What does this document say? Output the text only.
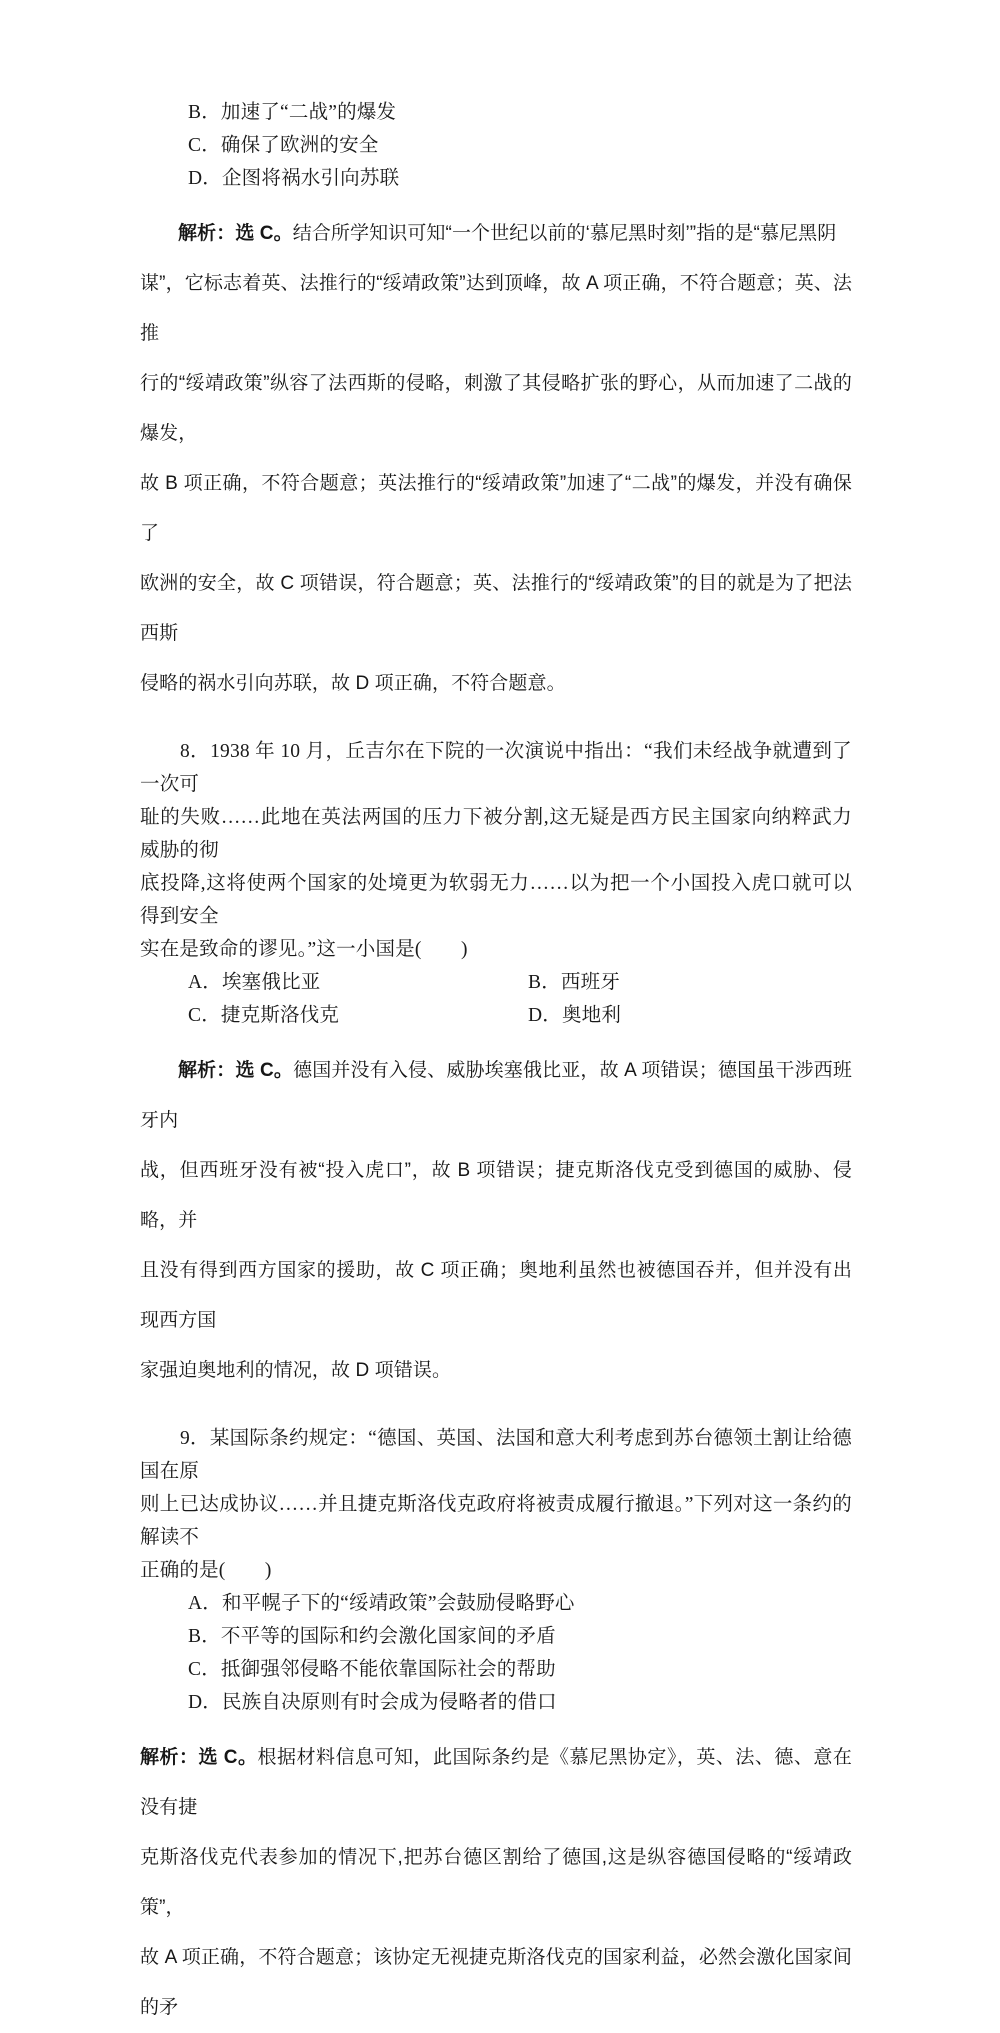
B．加速了“二战”的爆发
C．确保了欧洲的安全
D．企图将祸水引向苏联
解析：选 C。结合所学知识可知“一个世纪以前的‘慕尼黑时刻’”指的是“慕尼黑阴
谋”，它标志着英、法推行的“绥靖政策”达到顶峰，故 A 项正确，不符合题意；英、法推
行的“绥靖政策”纵容了法西斯的侵略，刺激了其侵略扩张的野心，从而加速了二战的爆发，
故 B 项正确，不符合题意；英法推行的“绥靖政策”加速了“二战”的爆发，并没有确保了
欧洲的安全，故 C 项错误，符合题意；英、法推行的“绥靖政策”的目的就是为了把法西斯
侵略的祸水引向苏联，故 D 项正确，不符合题意。
8．1938 年 10 月，丘吉尔在下院的一次演说中指出：“我们未经战争就遭到了一次可
耻的失败……此地在英法两国的压力下被分割,这无疑是西方民主国家向纳粹武力威胁的彻
底投降,这将使两个国家的处境更为软弱无力……以为把一个小国投入虎口就可以得到安全
实在是致命的谬见。”这一小国是(　　)
A．埃塞俄比亚	B．西班牙
C．捷克斯洛伐克	D．奥地利
解析：选 C。德国并没有入侵、威胁埃塞俄比亚，故 A 项错误；德国虽干涉西班牙内
战，但西班牙没有被“投入虎口”，故 B 项错误；捷克斯洛伐克受到德国的威胁、侵略，并
且没有得到西方国家的援助，故 C 项正确；奥地利虽然也被德国吞并，但并没有出现西方国
家强迫奥地利的情况，故 D 项错误。
9．某国际条约规定：“德国、英国、法国和意大利考虑到苏台德领土割让给德国在原
则上已达成协议……并且捷克斯洛伐克政府将被责成履行撤退。”下列对这一条约的解读不
正确的是(　　)
A．和平幌子下的“绥靖政策”会鼓励侵略野心
B．不平等的国际和约会激化国家间的矛盾
C．抵御强邻侵略不能依靠国际社会的帮助
D．民族自决原则有时会成为侵略者的借口
解析：选 C。根据材料信息可知，此国际条约是《慕尼黑协定》，英、法、德、意在没有捷
克斯洛伐克代表参加的情况下,把苏台德区割给了德国,这是纵容德国侵略的“绥靖政策”，
故 A 项正确，不符合题意；该协定无视捷克斯洛伐克的国家利益，必然会激化国家间的矛
